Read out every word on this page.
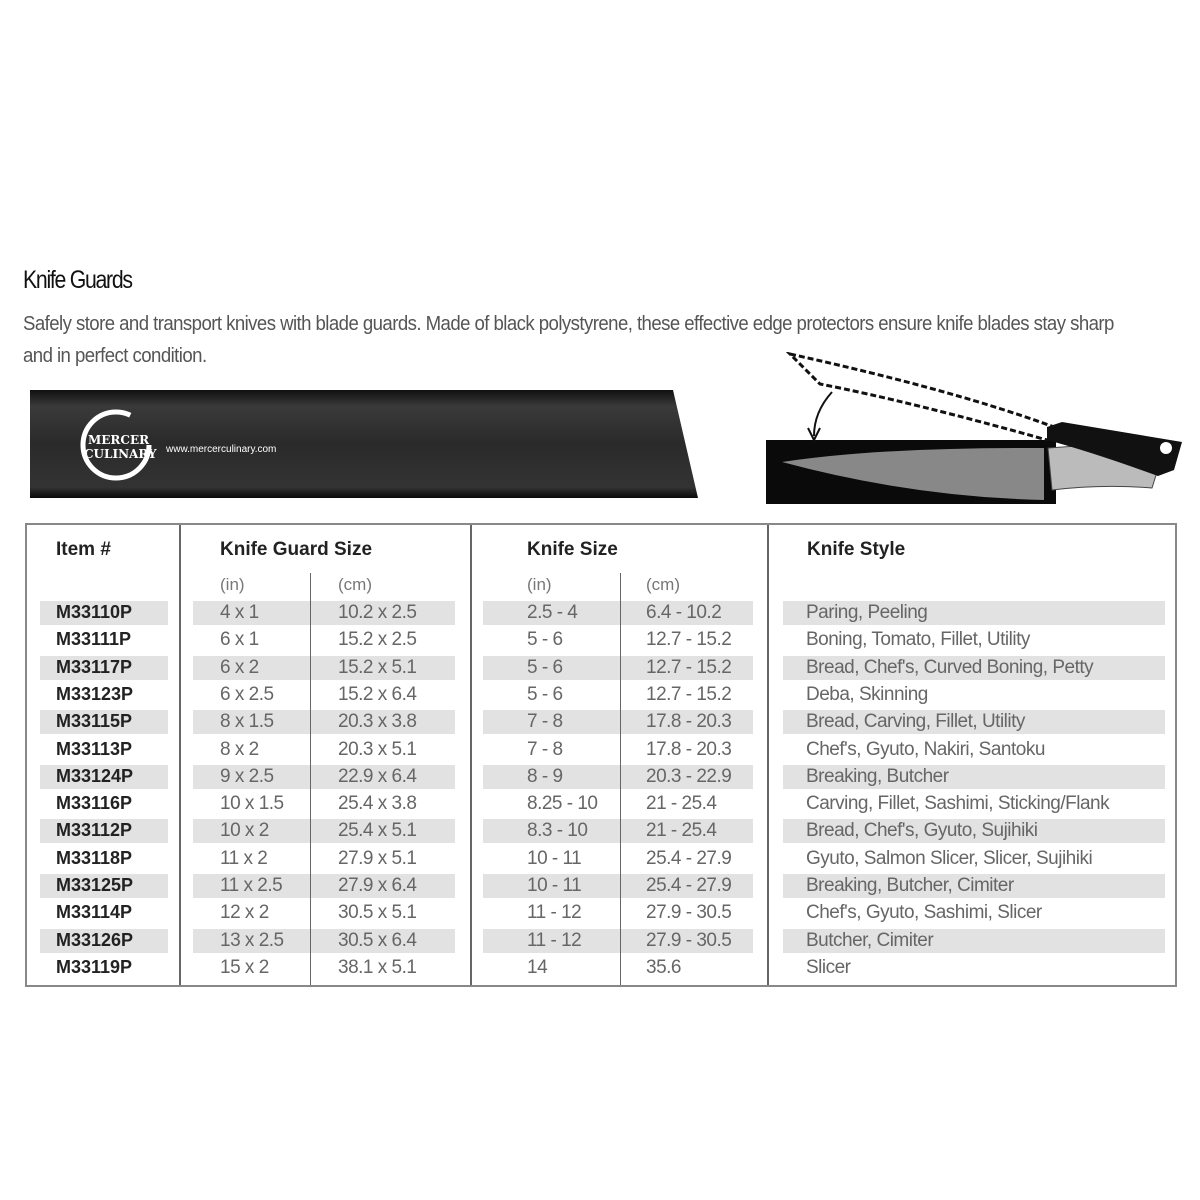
Knife Guards
Safely store and transport knives with blade guards. Made of black polystyrene, these effective edge protectors ensure knife blades stay sharp and in perfect condition.
MERCER
CULINARY www.mercerculinary.com
Item #	Knife Guard Size	Knife Size	Knife Style
(in)	(cm)	(in)	(cm)
M33110P	4 x 1	10.2 x 2.5	2.5 - 4	6.4 - 10.2	Paring, Peeling
M33111P	6 x 1	15.2 x 2.5	5 - 6	12.7 - 15.2	Boning, Tomato, Fillet, Utility
M33117P	6 x 2	15.2 x 5.1	5 - 6	12.7 - 15.2	Bread, Chef's, Curved Boning, Petty
M33123P	6 x 2.5	15.2 x 6.4	5 - 6	12.7 - 15.2	Deba, Skinning
M33115P	8 x 1.5	20.3 x 3.8	7 - 8	17.8 - 20.3	Bread, Carving, Fillet, Utility
M33113P	8 x 2	20.3 x 5.1	7 - 8	17.8 - 20.3	Chef's, Gyuto, Nakiri, Santoku
M33124P	9 x 2.5	22.9 x 6.4	8 - 9	20.3 - 22.9	Breaking, Butcher
M33116P	10 x 1.5	25.4 x 3.8	8.25 - 10	21 - 25.4	Carving, Fillet, Sashimi, Sticking/Flank
M33112P	10 x 2	25.4 x 5.1	8.3 - 10	21 - 25.4	Bread, Chef's, Gyuto, Sujihiki
M33118P	11 x 2	27.9 x 5.1	10 - 11	25.4 - 27.9	Gyuto, Salmon Slicer, Slicer, Sujihiki
M33125P	11 x 2.5	27.9 x 6.4	10 - 11	25.4 - 27.9	Breaking, Butcher, Cimiter
M33114P	12 x 2	30.5 x 5.1	11 - 12	27.9 - 30.5	Chef's, Gyuto, Sashimi, Slicer
M33126P	13 x 2.5	30.5 x 6.4	11 - 12	27.9 - 30.5	Butcher, Cimiter
M33119P	15 x 2	38.1 x 5.1	14	35.6	Slicer
